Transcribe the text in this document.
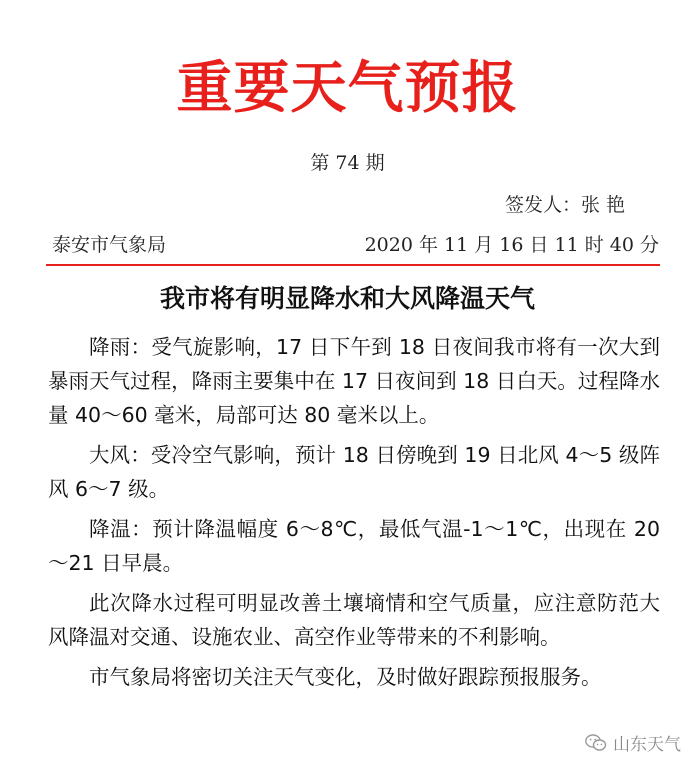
重要天气预报
第 74 期
签发人：张 艳
泰安市气象局	2020 年 11 月 16 日 11 时 40 分
我市将有明显降水和大风降温天气

降雨：受气旋影响，17 日下午到 18 日夜间我市将有一次大到暴雨天气过程，降雨主要集中在 17 日夜间到 18 日白天。过程降水量 40～60 毫米，局部可达 80 毫米以上。

大风：受冷空气影响，预计 18 日傍晚到 19 日北风 4～5 级阵风 6～7 级。

降温：预计降温幅度 6～8℃，最低气温-1～1℃，出现在 20～21 日早晨。

此次降水过程可明显改善土壤墒情和空气质量，应注意防范大风降温对交通、设施农业、高空作业等带来的不利影响。

市气象局将密切关注天气变化，及时做好跟踪预报服务。

山东天气
